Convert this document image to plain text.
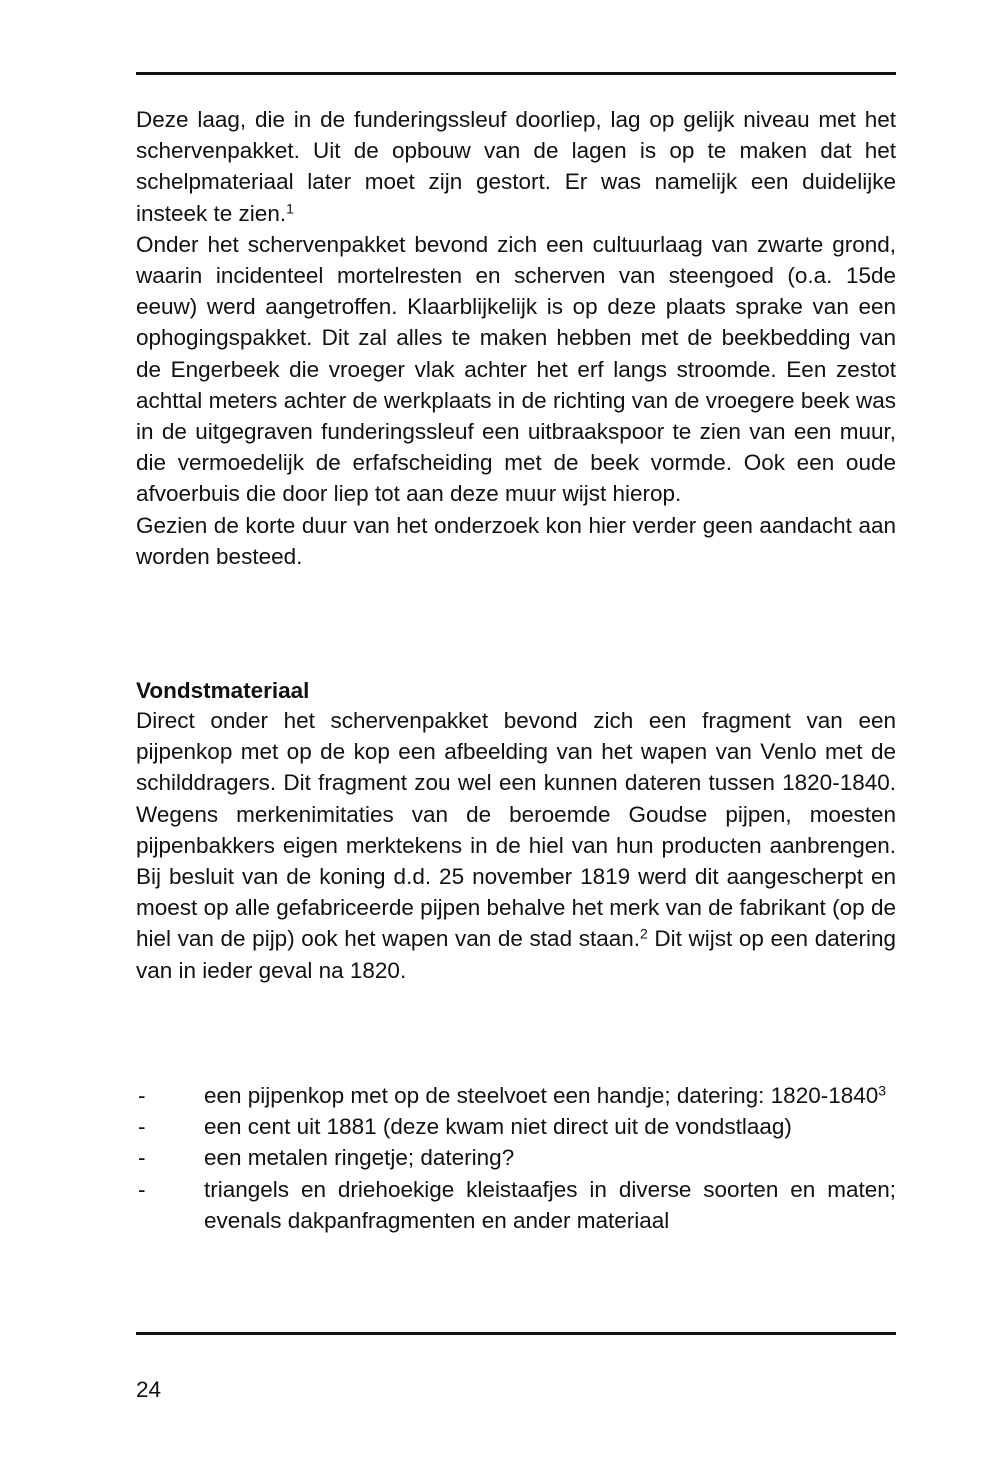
Deze laag, die in de funderingssleuf doorliep, lag op gelijk niveau met het schervenpakket. Uit de opbouw van de lagen is op te maken dat het schelpmateriaal later moet zijn gestort. Er was namelijk een duidelijke insteek te zien.$^1$

Onder het schervenpakket bevond zich een cultuurlaag van zwarte grond, waarin incidenteel mortelresten en scherven van steengoed (o.a. 15de eeuw) werd aangetroffen. Klaarblijkelijk is op deze plaats sprake van een ophogingspakket. Dit zal alles te maken hebben met de beekbedding van de Engerbeek die vroeger vlak achter het erf langs stroomde. Een zestot achttal meters achter de werkplaats in de richting van de vroegere beek was in de uitgegraven funderingssleuf een uitbraakspoor te zien van een muur, die vermoedelijk de erfafscheiding met de beek vormde. Ook een oude afvoerbuis die door liep tot aan deze muur wijst hierop.

Gezien de korte duur van het onderzoek kon hier verder geen aandacht aan worden besteed.

Vondstmateriaal

Direct onder het schervenpakket bevond zich een fragment van een pijpenkop met op de kop een afbeelding van het wapen van Venlo met de schilddragers. Dit fragment zou wel een kunnen dateren tussen 1820-1840. Wegens merkenimitaties van de beroemde Goudse pijpen, moesten pijpenbakkers eigen merktekens in de hiel van hun producten aanbrengen. Bij besluit van de koning d.d. 25 november 1819 werd dit aangescherpt en moest op alle gefabriceerde pijpen behalve het merk van de fabrikant (op de hiel van de pijp) ook het wapen van de stad staan.$^2$ Dit wijst op een datering van in ieder geval na 1820.

-	een pijpenkop met op de steelvoet een handje; datering: 1820-1840$^3$
-	een cent uit 1881 (deze kwam niet direct uit de vondstlaag)
-	een metalen ringetje; datering?
-	triangels en driehoekige kleistaafjes in diverse soorten en maten; evenals dakpanfragmenten en ander materiaal

24
